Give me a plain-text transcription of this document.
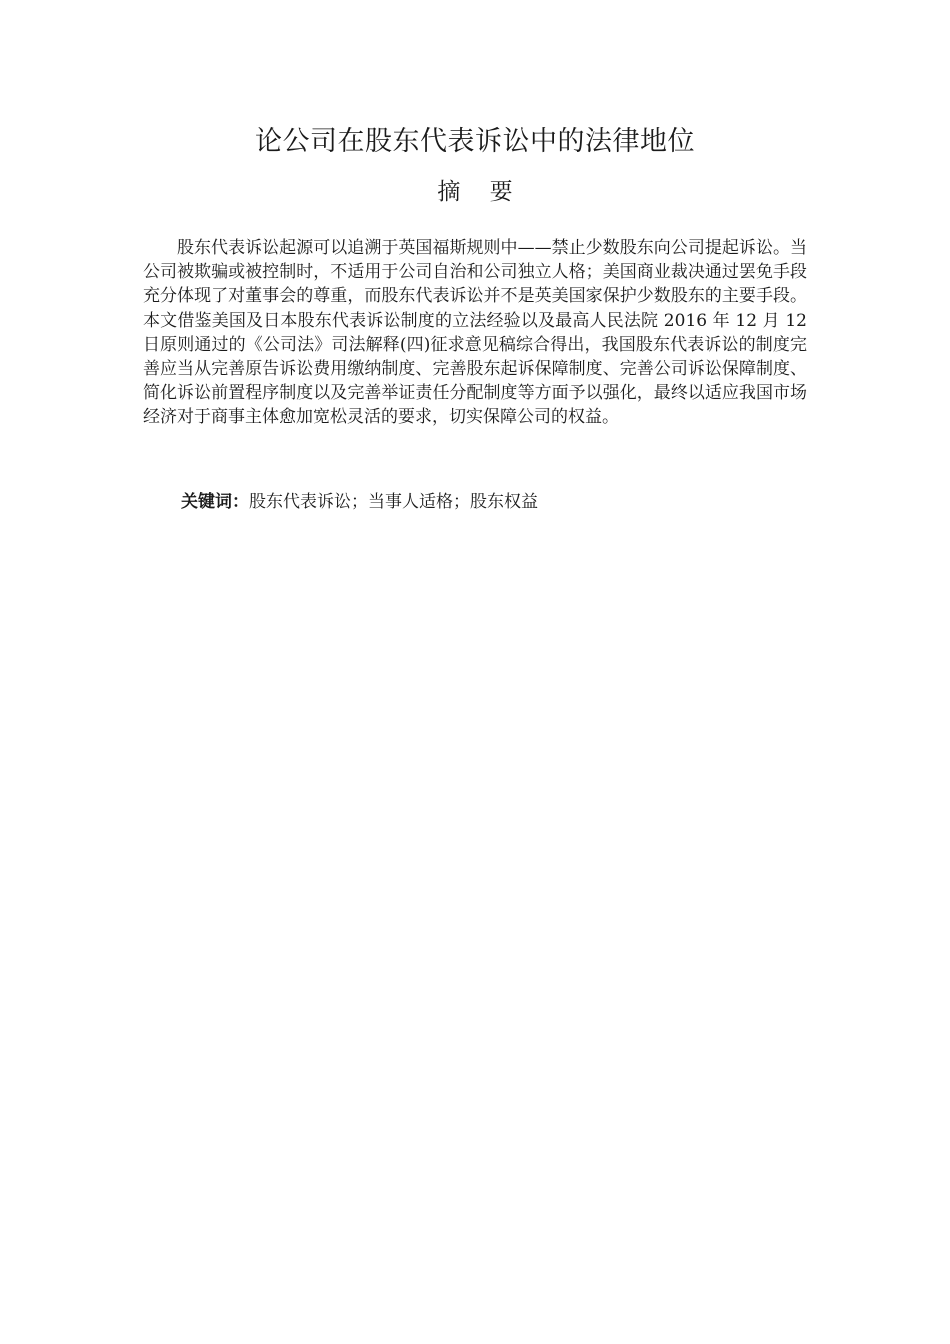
论公司在股东代表诉讼中的法律地位
摘 要

股东代表诉讼起源可以追溯于英国福斯规则中——禁止少数股东向公司提起诉讼。当公司被欺骗或被控制时，不适用于公司自治和公司独立人格；美国商业裁决通过罢免手段充分体现了对董事会的尊重，而股东代表诉讼并不是英美国家保护少数股东的主要手段。本文借鉴美国及日本股东代表诉讼制度的立法经验以及最高人民法院 2016 年 12 月 12 日原则通过的《公司法》司法解释(四)征求意见稿综合得出，我国股东代表诉讼的制度完善应当从完善原告诉讼费用缴纳制度、完善股东起诉保障制度、完善公司诉讼保障制度、简化诉讼前置程序制度以及完善举证责任分配制度等方面予以强化，最终以适应我国市场经济对于商事主体愈加宽松灵活的要求，切实保障公司的权益。

关键词：股东代表诉讼；当事人适格；股东权益
